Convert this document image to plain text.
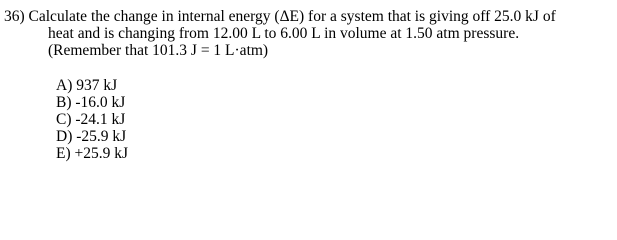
36) Calculate the change in internal energy (ΔE) for a system that is giving off 25.0 kJ of
heat and is changing from 12.00 L to 6.00 L in volume at 1.50 atm pressure.
(Remember that 101.3 J = 1 L·atm)
A) 937 kJ
B) -16.0 kJ
C) -24.1 kJ
D) -25.9 kJ
E) +25.9 kJ
